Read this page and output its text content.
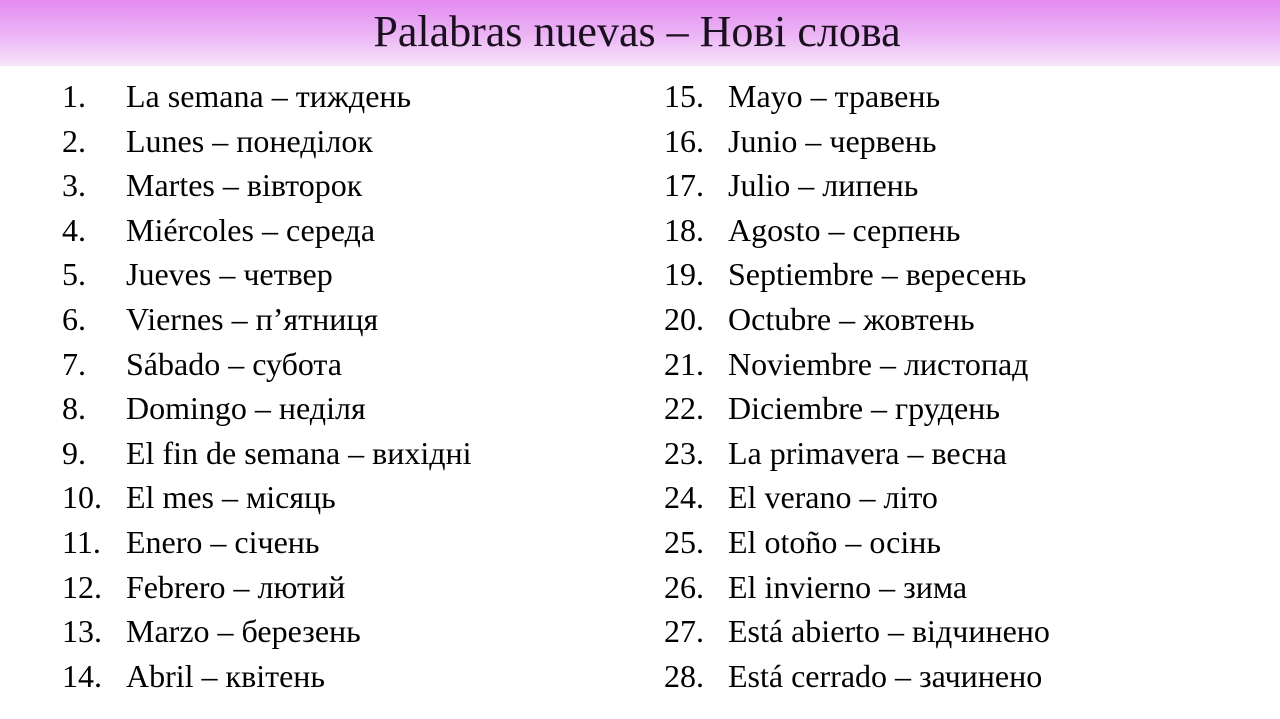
Palabras nuevas – Нові слова
1.	La semana – тиждень
2.	Lunes – понеділок
3.	Martes – вівторок
4.	Miércoles – середа
5.	Jueves – четвер
6.	Viernes – п’ятниця
7.	Sábado – субота
8.	Domingo – неділя
9.	El fin de semana – вихідні
10. El mes – місяць
11. Enero – січень
12. Febrero – лютий
13. Marzo – березень
14. Abril – квітень
15. Mayo – травень
16. Junio – червень
17. Julio – липень
18. Agosto – серпень
19. Septiembre – вересень
20. Octubre – жовтень
21. Noviembre – листопад
22. Diciembre – грудень
23. La primavera – весна
24. El verano – літо
25. El otoño – осінь
26. El invierno – зима
27. Está abierto – відчинено
28. Está cerrado – зачинено
